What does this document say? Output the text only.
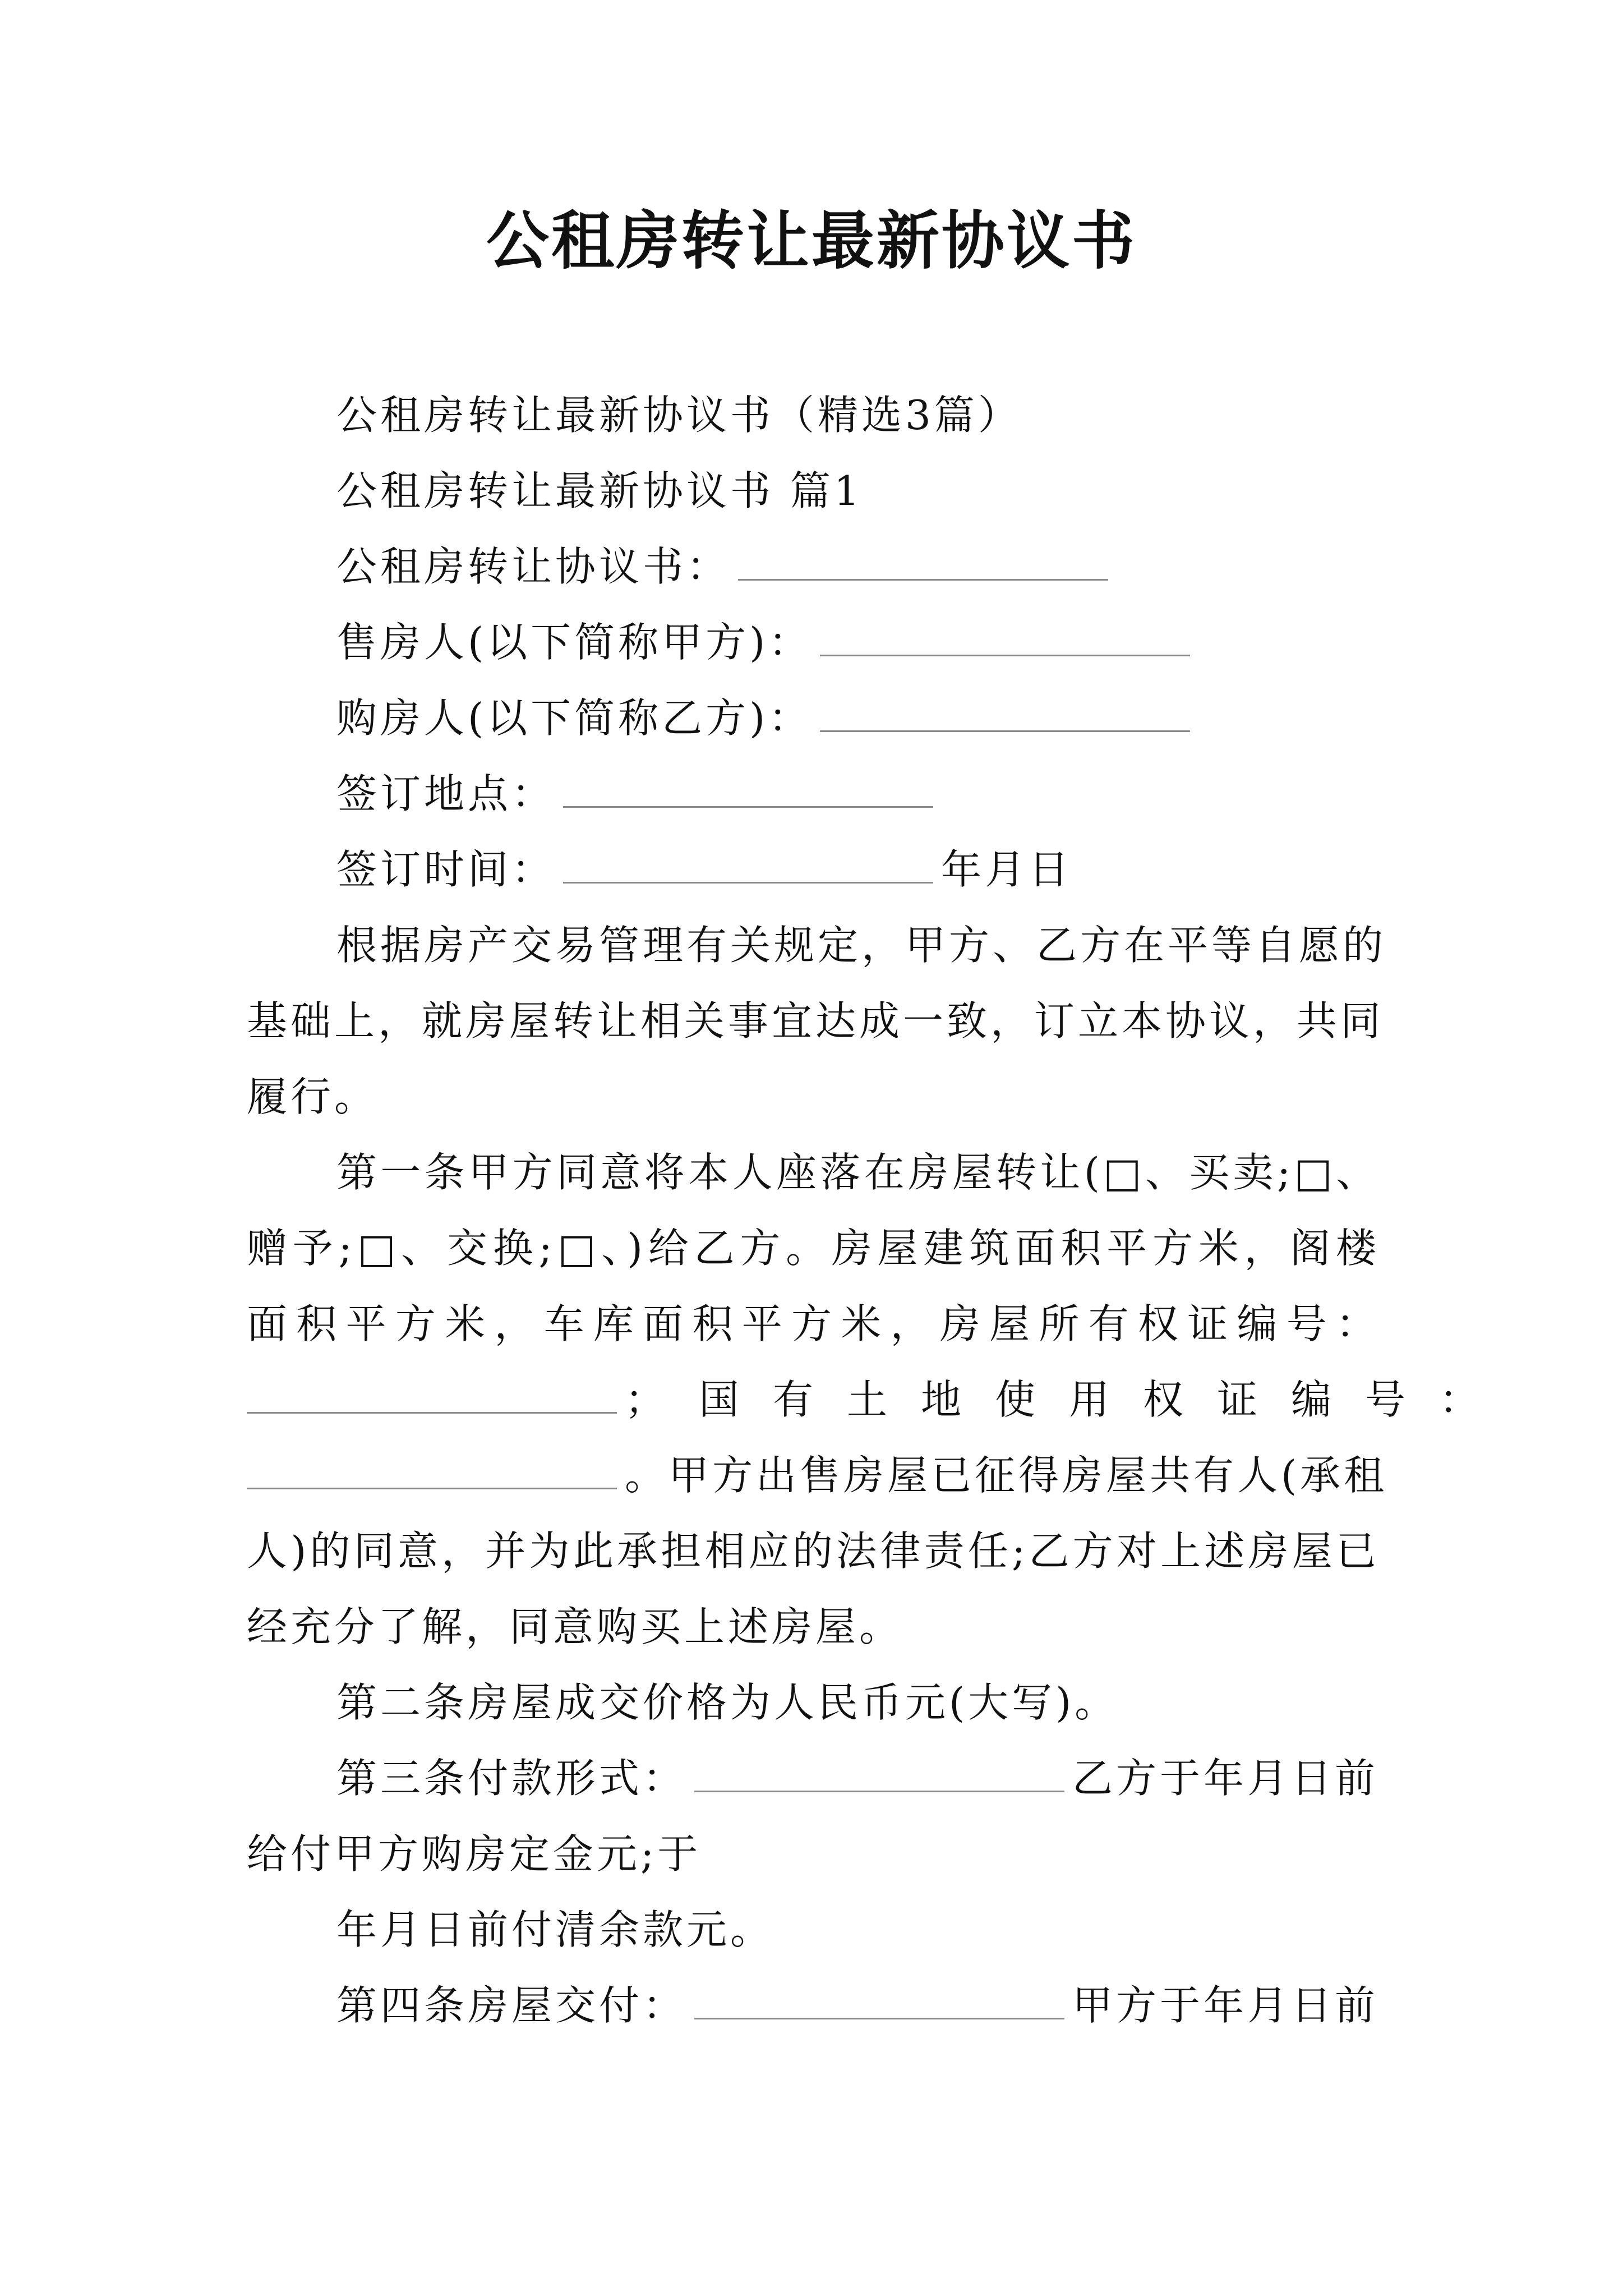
公租房转让最新协议书
公租房转让最新协议书（精选3篇）
公租房转让最新协议书 篇1
公租房转让协议书：
售房人(以下简称甲方)：
购房人(以下简称乙方)：
签订地点：
签订时间：	年月日
根据房产交易管理有关规定，甲方、乙方在平等自愿的
基础上，就房屋转让相关事宜达成一致，订立本协议，共同
履行。
第一条甲方同意将本人座落在房屋转让(□、买卖;□、
赠予;□、交换;□、)给乙方。房屋建筑面积平方米，阁楼
面积平方米，车库面积平方米，房屋所有权证编号：
；国有土地使用权证编号：
。甲方出售房屋已征得房屋共有人(承租
人)的同意，并为此承担相应的法律责任;乙方对上述房屋已
经充分了解，同意购买上述房屋。
第二条房屋成交价格为人民币元(大写)。
第三条付款形式：	乙方于年月日前
给付甲方购房定金元;于
年月日前付清余款元。
第四条房屋交付：	甲方于年月日前
